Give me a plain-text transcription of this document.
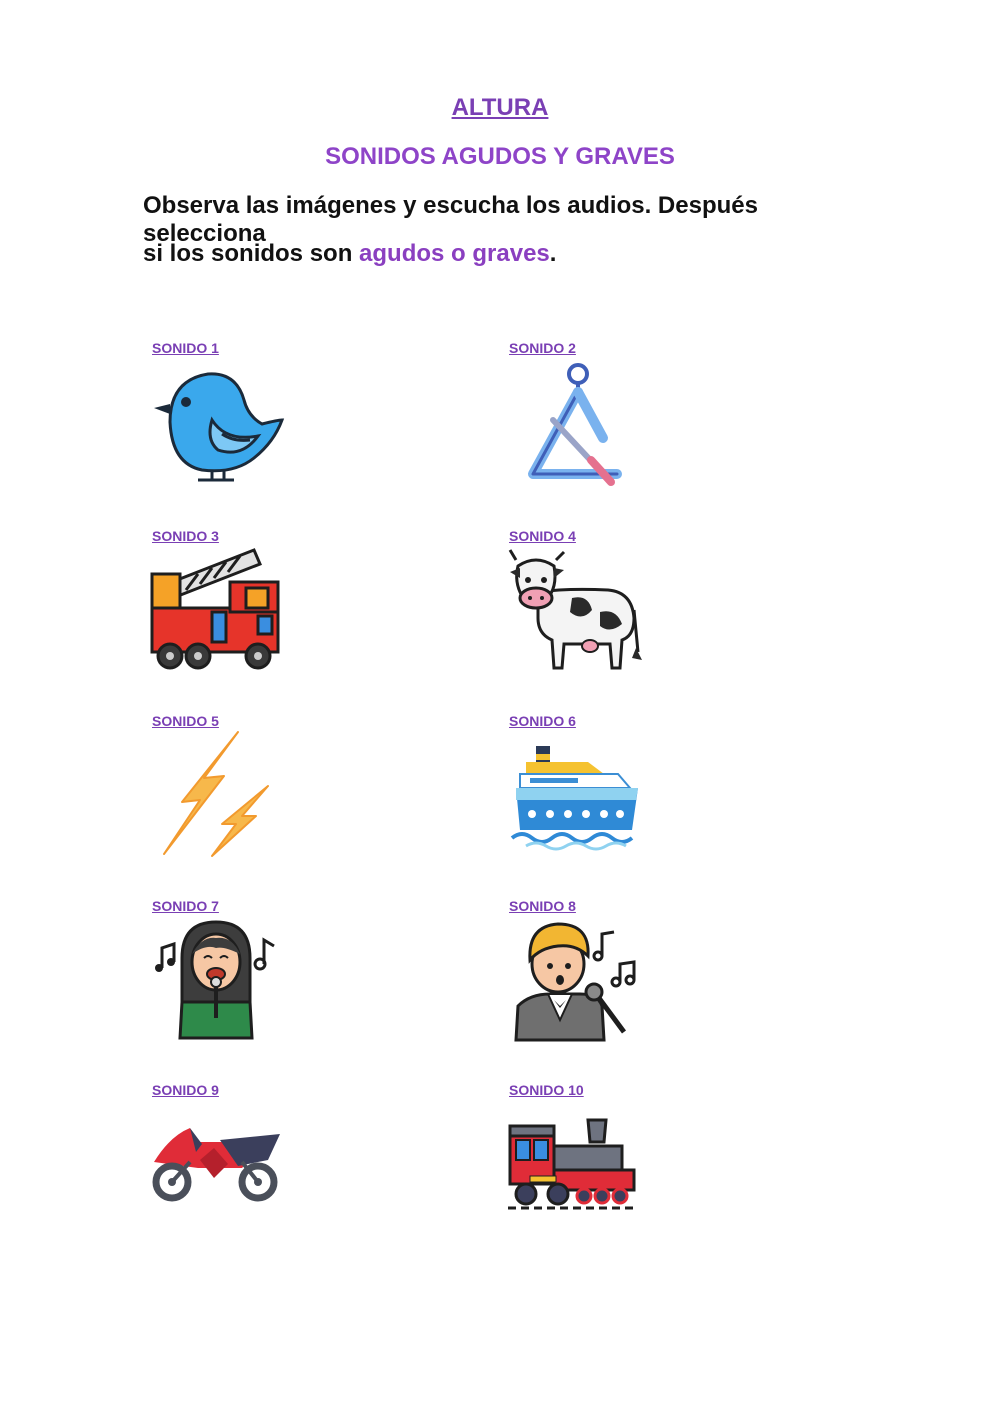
ALTURA
SONIDOS AGUDOS Y GRAVES
Observa las imágenes y escucha los audios. Después selecciona
si los sonidos son agudos o graves.
SONIDO 1	SONIDO 2
SONIDO 3	SONIDO 4
SONIDO 5	SONIDO 6
SONIDO 7	SONIDO 8
SONIDO 9	SONIDO 10
